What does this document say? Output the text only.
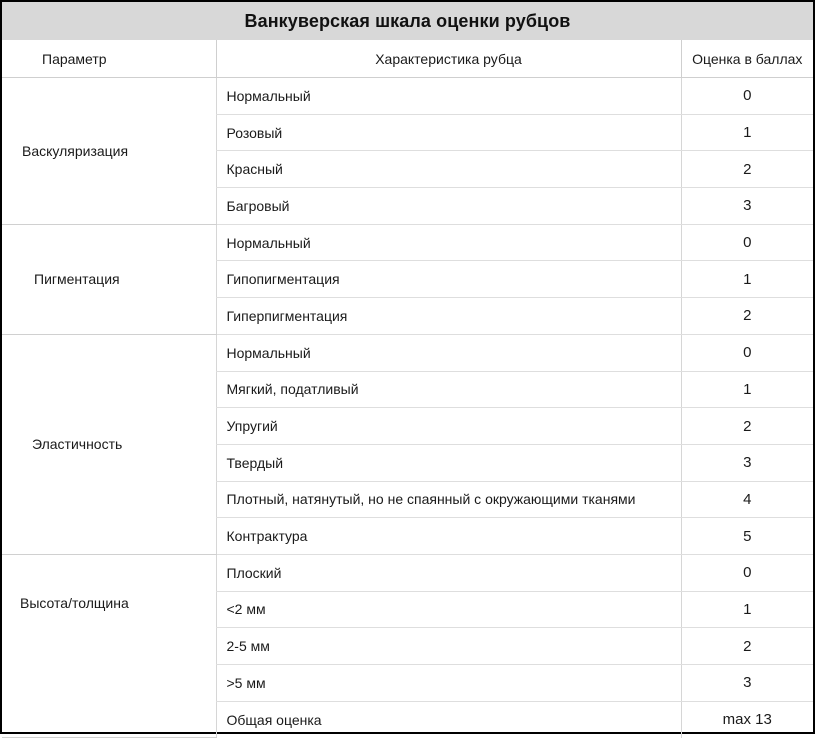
Ванкуверская шкала оценки рубцов
Параметр	Характеристика рубца	Оценка в баллах
Васкуляризация	Нормальный	0
	Розовый	1
	Красный	2
	Багровый	3
Пигментация	Нормальный	0
	Гипопигментация	1
	Гиперпигментация	2
Эластичность	Нормальный	0
	Мягкий, податливый	1
	Упругий	2
	Твердый	3
	Плотный, натянутый, но не спаянный с окружающими тканями	4
	Контрактура	5
Высота/толщина	Плоский	0
	<2 мм	1
	2-5 мм	2
	>5 мм	3
	Общая оценка	max 13
